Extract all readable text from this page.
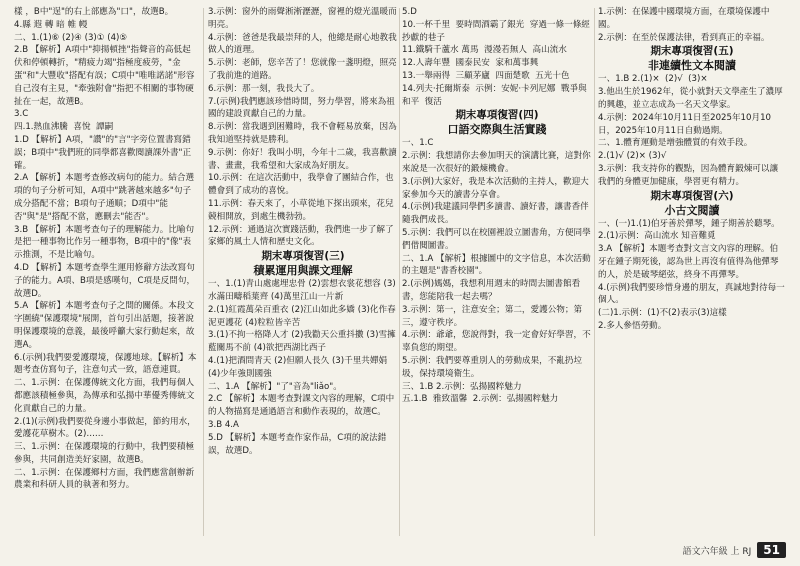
樣 ，B中"逞"的右上部應為"口"，故選B。

4.縣 遐 轉 暗 帷 幔

二、1.(1)⑥ (2)④ (3)① (4)⑤

2.B 【解析】A項中"抑揚頓挫"指聲音的高低起伏和停頓轉折，"精疲力竭"指極度疲勞，"金蛋"和"大豐收"搭配有誤；C項中"唯唯諾諾"形容自己沒有主見，"牽強附會"指把不相關的事物硬扯在一起，故選B。

3.C

四.1.熱血沸騰  喜悅  譚嗣

1.D 【解析】A項，"讚"的"言"字旁位置書寫錯誤；B項中"我們班的同學都喜歡閱讀課外書"正確。

2.A 【解析】本題考查修改病句的能力。結合選項的句子分析可知，A項中"跳著越來越多"句子成分搭配不當；B項句子通順；D項中"能否"與"是"搭配不當，應刪去"能否"。

3.B 【解析】本題考查句子的理解能力。比喻句是把一種事物比作另一種事物，B項中的"像"表示推測，不是比喻句。

4.D 【解析】本題考查學生運用修辭方法改寫句子的能力。A項、B項是感嘆句，C項是反問句，故選D。

5.A 【解析】本題考查句子之間的關係。本段文字圍繞"保護環境"展開，首句引出話題，接著說明保護環境的意義，最後呼籲大家行動起來，故選A。

6.(示例)我們要愛護環境，保護地球。【解析】本題考查仿寫句子，注意句式一致，語意連貫。

二、1.示例：在保護傳統文化方面，我們每個人都應該積極參與，為傳承和弘揚中華優秀傳統文化貢獻自己的力量。

2.(1)(示例)我們要從身邊小事做起，節約用水，愛護花草樹木。(2)……

三、1.示例：在保護環境的行動中，我們要積極參與，共同創造美好家園，故選B。

二、1.示例：在保護鄉村方面，我們應當創辦新農業和科研人員的執著和努力。

3.示例：窗外的雨聲淅淅瀝瀝，窗裡的燈光溫暖而明亮。

4.示例：爸爸是我最崇拜的人，他總是耐心地教我做人的道理。

5.示例：老師，您辛苦了！您就像一盞明燈，照亮了我前進的道路。

6.示例：那一刻，我長大了。

7.(示例)我們應該珍惜時間，努力學習，將來為祖國的建設貢獻自己的力量。

8.示例：當我遇到困難時，我不會輕易放棄，因為我知道堅持就是勝利。

9.示例：你好！我叫小明，今年十二歲，我喜歡讀書、畫畫，我希望和大家成為好朋友。

10.示例：在這次活動中，我學會了團結合作，也體會到了成功的喜悅。

11.示例：春天來了，小草從地下探出頭來，花兒競相開放，到處生機勃勃。

12.示例：通過這次實踐活動，我們進一步了解了家鄉的風土人情和歷史文化。

期末專項復習(三)

積累運用與課文理解

一、1.(1)青山處處埋忠骨 (2)雲想衣裳花想容 (3)水滿田疇稻葉齊 (4)萬里江山一片新

2.(1)紅霞萬朵百重衣 (2)江山如此多嬌 (3)化作春泥更護花 (4)粒粒皆辛苦

3.(1)不拘一格降人才 (2)我勸天公重抖擻 (3)雪擁藍關馬不前 (4)欲把西湖比西子

4.(1)把酒問青天 (2)但願人長久 (3)千里共嬋娟 (4)少年強則國強

二、1.A 【解析】"了"音為"liǎo"。

2.C 【解析】本題考查對課文內容的理解，C項中的人物描寫是通過語言和動作表現的，故選C。

3.B 4.A

5.D 【解析】本題考查作家作品，C項的說法錯誤，故選D。

5.D

10.一杯千里  要時間酒霸了銀光  穿過一條一條經抄獻的巷子

11.鐵騎千蘆水 萬馬  漫漫若無人  高山流水

12.人壽年豐  國泰民安  家和萬事興

13.一舉兩得  三顧茅廬  四面楚歌  五光十色

14.列夫·托爾斯泰  示例：安妮·卡列尼娜  戰爭與和平  復活

期末專項復習(四)

口語交際與生活實踐

一、1.C

2.示例：我想請你去參加明天的演講比賽，這對你來說是一次很好的鍛煉機會。

3.(示例)大家好，我是本次活動的主持人，歡迎大家參加今天的讀書分享會。

4.(示例)我建議同學們多讀書、讀好書，讓書香伴隨我們成長。

5.示例：我們可以在校園裡設立圖書角，方便同學們借閱圖書。

二、1.A 【解析】根據圖中的文字信息，本次活動的主題是"書香校園"。

2.(示例)媽媽，我想利用週末的時間去圖書館看書，您能陪我一起去嗎？

3.示例：第一，注意安全；第二，愛護公物；第三，遵守秩序。

4.示例：爺爺，您說得對，我一定會好好學習，不辜負您的期望。

5.示例：我們要尊重別人的勞動成果，不亂扔垃圾，保持環境衛生。

三、1.B 2.示例：弘揚國粹魅力

五.1.B  雅致溫馨  2.示例：弘揚國粹魅力

1.示例：在保護中國環境方面，在環境保護中國。

2.示例：在至於保護法律，看到真正的幸福。

期末專項復習(五)

非連續性文本閱讀

一、1.B 2.(1)×  (2)√  (3)×

3.他出生於1962年，從小就對天文學產生了濃厚的興趣，並立志成為一名天文學家。

4.示例：2024年10月11日至2025年10月10日，2025年10月11日自動過期。

二、1.體育運動是增強體質的有效手段。

2.(1)√ (2)× (3)√

3.示例：我支持你的觀點，因為體育鍛煉可以讓我們的身體更加健康，學習更有精力。

期末專項復習(六)

小古文閱讀

一、(一)1.(1)伯牙善於彈琴，鍾子期善於聽琴。

2.(1)示例：高山流水 知音難覓

3.A 【解析】本題考查對文言文內容的理解。伯牙在鍾子期死後，認為世上再沒有值得為他彈琴的人，於是破琴絕弦，終身不再彈琴。

4.(示例)我們要珍惜身邊的朋友，真誠地對待每一個人。

(二)1.示例：(1)不(2)表示(3)這樣

2.多人參悟勞動。

語文六年級 上 RJ	51
